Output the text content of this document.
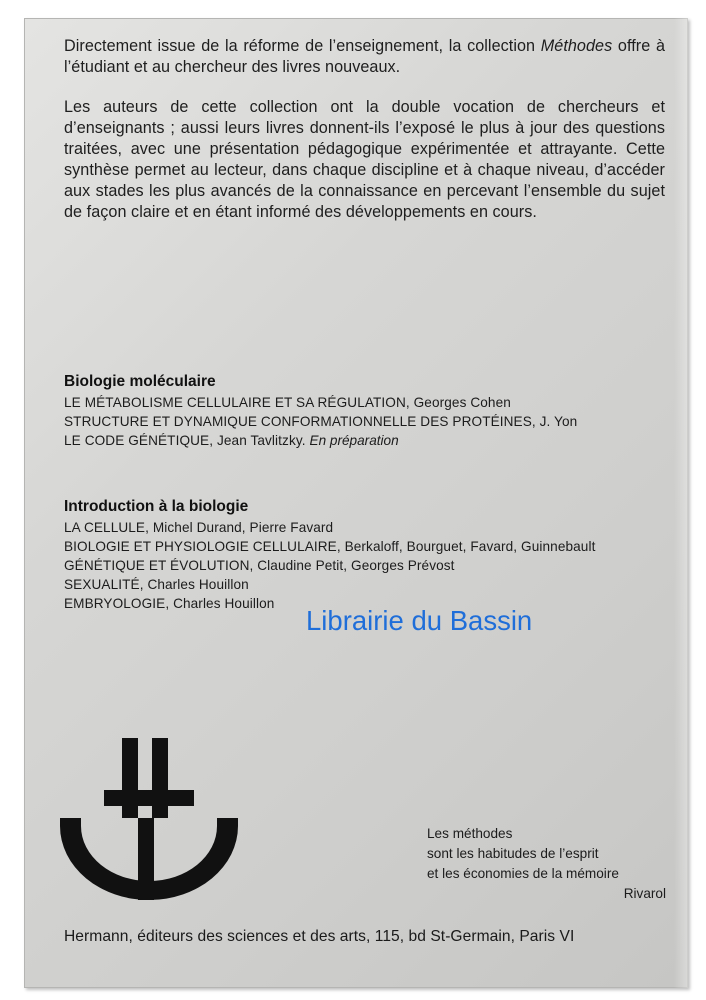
Directement issue de la réforme de l’enseignement, la collection Méthodes offre à l’étudiant et au chercheur des livres nouveaux.

Les auteurs de cette collection ont la double vocation de chercheurs et d’enseignants ; aussi leurs livres donnent-ils l’exposé le plus à jour des questions traitées, avec une présentation pédagogique expérimentée et attrayante. Cette synthèse permet au lecteur, dans chaque discipline et à chaque niveau, d’accéder aux stades les plus avancés de la connaissance en percevant l’ensemble du sujet de façon claire et en étant informé des développements en cours.

Biologie moléculaire
LE MÉTABOLISME CELLULAIRE ET SA RÉGULATION, Georges Cohen
STRUCTURE ET DYNAMIQUE CONFORMATIONNELLE DES PROTÉINES, J. Yon
LE CODE GÉNÉTIQUE, Jean Tavlitzky. En préparation
Introduction à la biologie
LA CELLULE, Michel Durand, Pierre Favard
BIOLOGIE ET PHYSIOLOGIE CELLULAIRE, Berkaloff, Bourguet, Favard, Guinnebault
GÉNÉTIQUE ET ÉVOLUTION, Claudine Petit, Georges Prévost
SEXUALITÉ, Charles Houillon
EMBRYOLOGIE, Charles Houillon
Librairie du Bassin
Les méthodes
sont les habitudes de l’esprit
et les économies de la mémoire
Rivarol

Hermann, éditeurs des sciences et des arts, 115, bd St-Germain, Paris VI
